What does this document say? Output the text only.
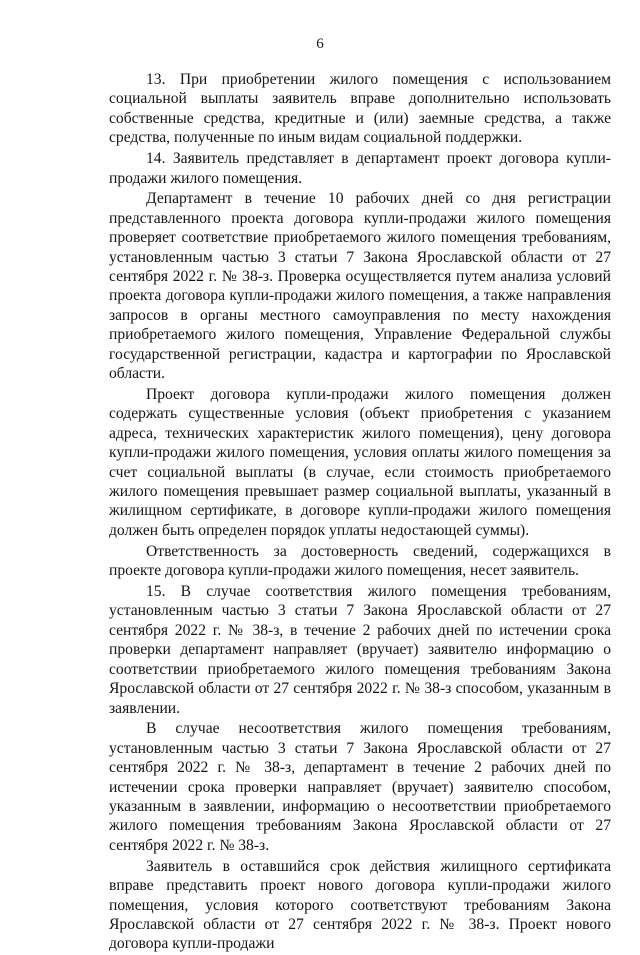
6

13. При приобретении жилого помещения с использованием социальной выплаты заявитель вправе дополнительно использовать собственные средства, кредитные и (или) заемные средства, а также средства, полученные по иным видам социальной поддержки.

14. Заявитель представляет в департамент проект договора купли-продажи жилого помещения.

Департамент в течение 10 рабочих дней со дня регистрации представленного проекта договора купли-продажи жилого помещения проверяет соответствие приобретаемого жилого помещения требованиям, установленным частью 3 статьи 7 Закона Ярославской области от 27 сентября 2022 г. № 38-з. Проверка осуществляется путем анализа условий проекта договора купли-продажи жилого помещения, а также направления запросов в органы местного самоуправления по месту нахождения приобретаемого жилого помещения, Управление Федеральной службы государственной регистрации, кадастра и картографии по Ярославской области.

Проект договора купли-продажи жилого помещения должен содержать существенные условия (объект приобретения с указанием адреса, технических характеристик жилого помещения), цену договора купли-продажи жилого помещения, условия оплаты жилого помещения за счет социальной выплаты (в случае, если стоимость приобретаемого жилого помещения превышает размер социальной выплаты, указанный в жилищном сертификате, в договоре купли-продажи жилого помещения должен быть определен порядок уплаты недостающей суммы).

Ответственность за достоверность сведений, содержащихся в проекте договора купли-продажи жилого помещения, несет заявитель.

15. В случае соответствия жилого помещения требованиям, установленным частью 3 статьи 7 Закона Ярославской области от 27 сентября 2022 г. № 38-з, в течение 2 рабочих дней по истечении срока проверки департамент направляет (вручает) заявителю информацию о соответствии приобретаемого жилого помещения требованиям Закона Ярославской области от 27 сентября 2022 г. № 38-з способом, указанным в заявлении.

В случае несоответствия жилого помещения требованиям, установленным частью 3 статьи 7 Закона Ярославской области от 27 сентября 2022 г. № 38-з, департамент в течение 2 рабочих дней по истечении срока проверки направляет (вручает) заявителю способом, указанным в заявлении, информацию о несоответствии приобретаемого жилого помещения требованиям Закона Ярославской области от 27 сентября 2022 г. № 38-з.

Заявитель в оставшийся срок действия жилищного сертификата вправе представить проект нового договора купли-продажи жилого помещения, условия которого соответствуют требованиям Закона Ярославской области от 27 сентября 2022 г. № 38-з. Проект нового договора купли-продажи
